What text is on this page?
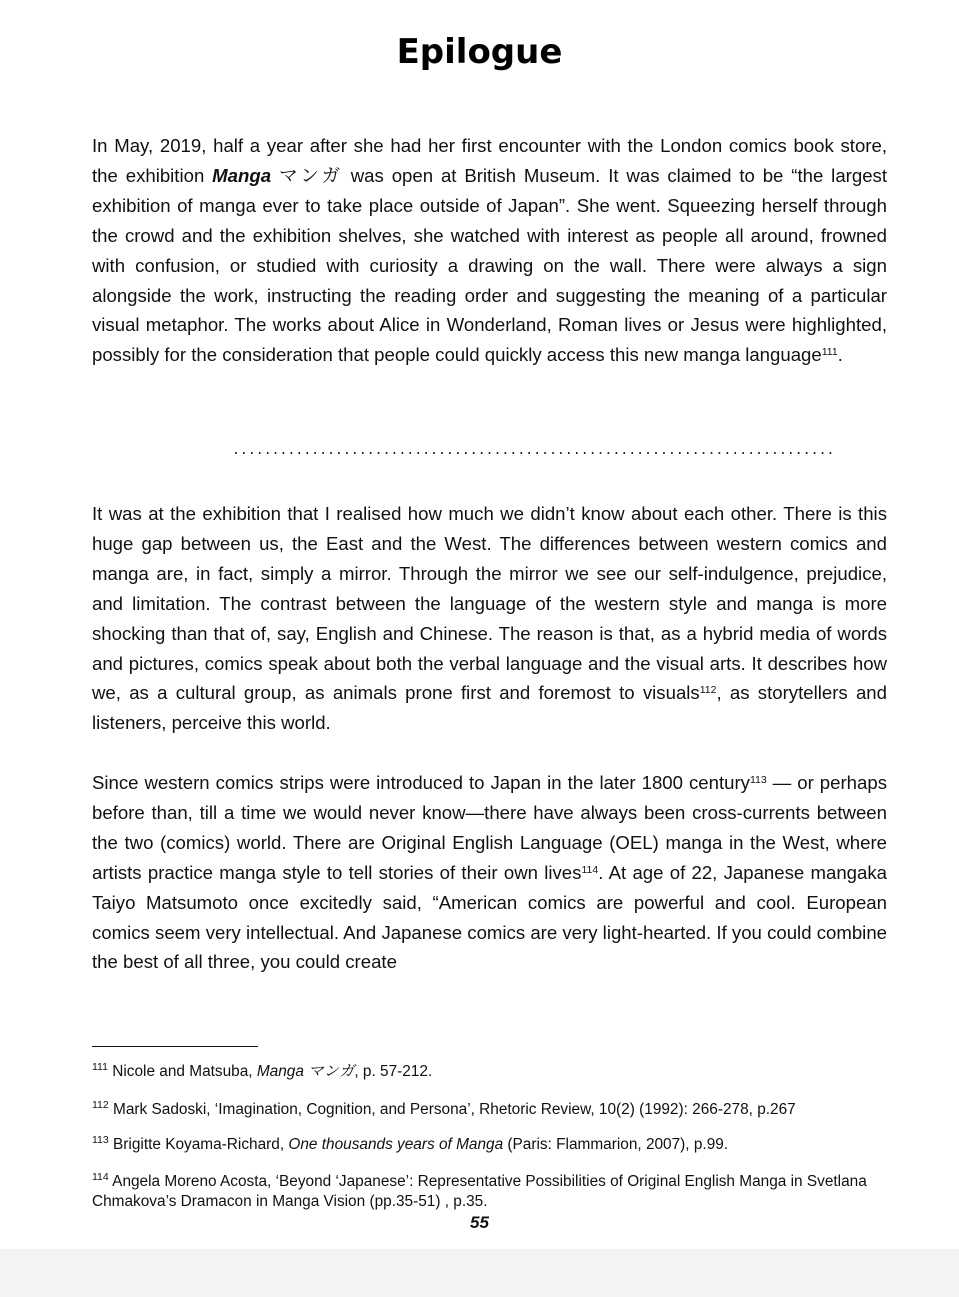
Epilogue

In May, 2019, half a year after she had her first encounter with the London comics book store, the exhibition Manga マンガ was open at British Museum. It was claimed to be “the largest exhibition of manga ever to take place outside of Japan”. She went. Squeezing herself through the crowd and the exhibition shelves, she watched with interest as people all around, frowned with confusion, or studied with curiosity a drawing on the wall. There were always a sign alongside the work, instructing the reading order and suggesting the meaning of a particular visual metaphor. The works about Alice in Wonderland, Roman lives or Jesus were highlighted, possibly for the consideration that people could quickly access this new manga language$^{111}$.

............................................................................

It was at the exhibition that I realised how much we didn’t know about each other. There is this huge gap between us, the East and the West. The differences between western comics and manga are, in fact, simply a mirror. Through the mirror we see our self-indulgence, prejudice, and limitation. The contrast between the language of the western style and manga is more shocking than that of, say, English and Chinese. The reason is that, as a hybrid media of words and pictures, comics speak about both the verbal language and the visual arts. It describes how we, as a cultural group, as animals prone first and foremost to visuals$^{112}$, as storytellers and listeners, perceive this world.

Since western comics strips were introduced to Japan in the later 1800 century$^{113}$ — or perhaps before than, till a time we would never know—there have always been cross-currents between the two (comics) world. There are Original English Language (OEL) manga in the West, where artists practice manga style to tell stories of their own lives$^{114}$. At age of 22, Japanese mangaka Taiyo Matsumoto once excitedly said, “American comics are powerful and cool. European comics seem very intellectual. And Japanese comics are very light-hearted. If you could combine the best of all three, you could create

$^{111}$ Nicole and Matsuba, Manga マンガ, p. 57-212.

$^{112}$ Mark Sadoski, ‘Imagination, Cognition, and Persona’, Rhetoric Review, 10(2) (1992): 266-278, p.267

$^{113}$ Brigitte Koyama-Richard, One thousands years of Manga (Paris: Flammarion, 2007), p.99.

$^{114}$ Angela Moreno Acosta, ‘Beyond ‘Japanese’: Representative Possibilities of Original English Manga in Svetlana Chmakova’s Dramacon in Manga Vision (pp.35-51) , p.35.

55
